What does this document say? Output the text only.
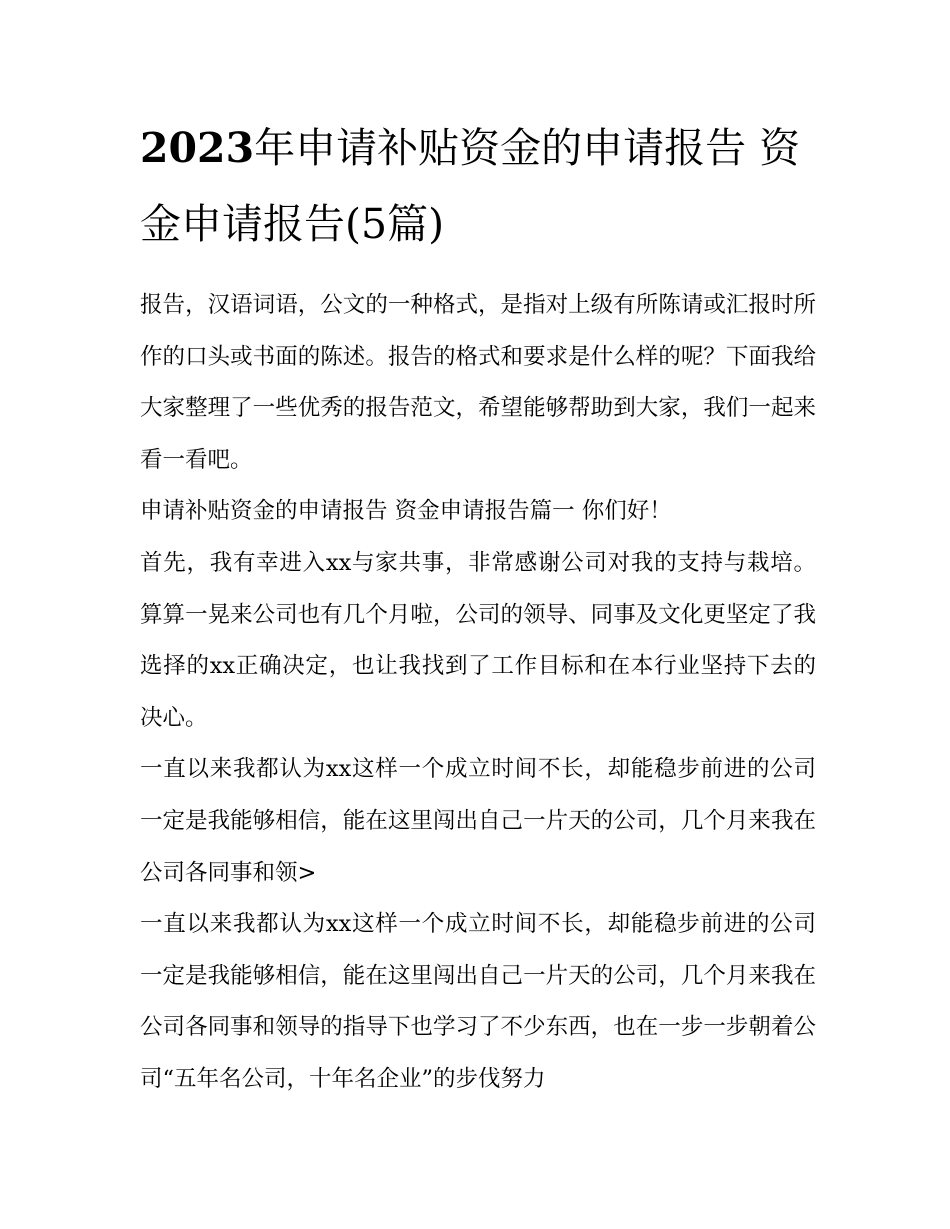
2023年申请补贴资金的申请报告 资金申请报告(5篇)

报告，汉语词语，公文的一种格式，是指对上级有所陈请或汇报时所作的口头或书面的陈述。报告的格式和要求是什么样的呢？下面我给大家整理了一些优秀的报告范文，希望能够帮助到大家，我们一起来看一看吧。

申请补贴资金的申请报告 资金申请报告篇一 你们好！

首先，我有幸进入xx与家共事，非常感谢公司对我的支持与栽培。算算一晃来公司也有几个月啦，公司的领导、同事及文化更坚定了我选择的xx正确决定，也让我找到了工作目标和在本行业坚持下去的决心。

一直以来我都认为xx这样一个成立时间不长，却能稳步前进的公司一定是我能够相信，能在这里闯出自己一片天的公司，几个月来我在公司各同事和领>

一直以来我都认为xx这样一个成立时间不长，却能稳步前进的公司一定是我能够相信，能在这里闯出自己一片天的公司，几个月来我在公司各同事和领导的指导下也学习了不少东西，也在一步一步朝着公司“五年名公司，十年名企业”的步伐努力
